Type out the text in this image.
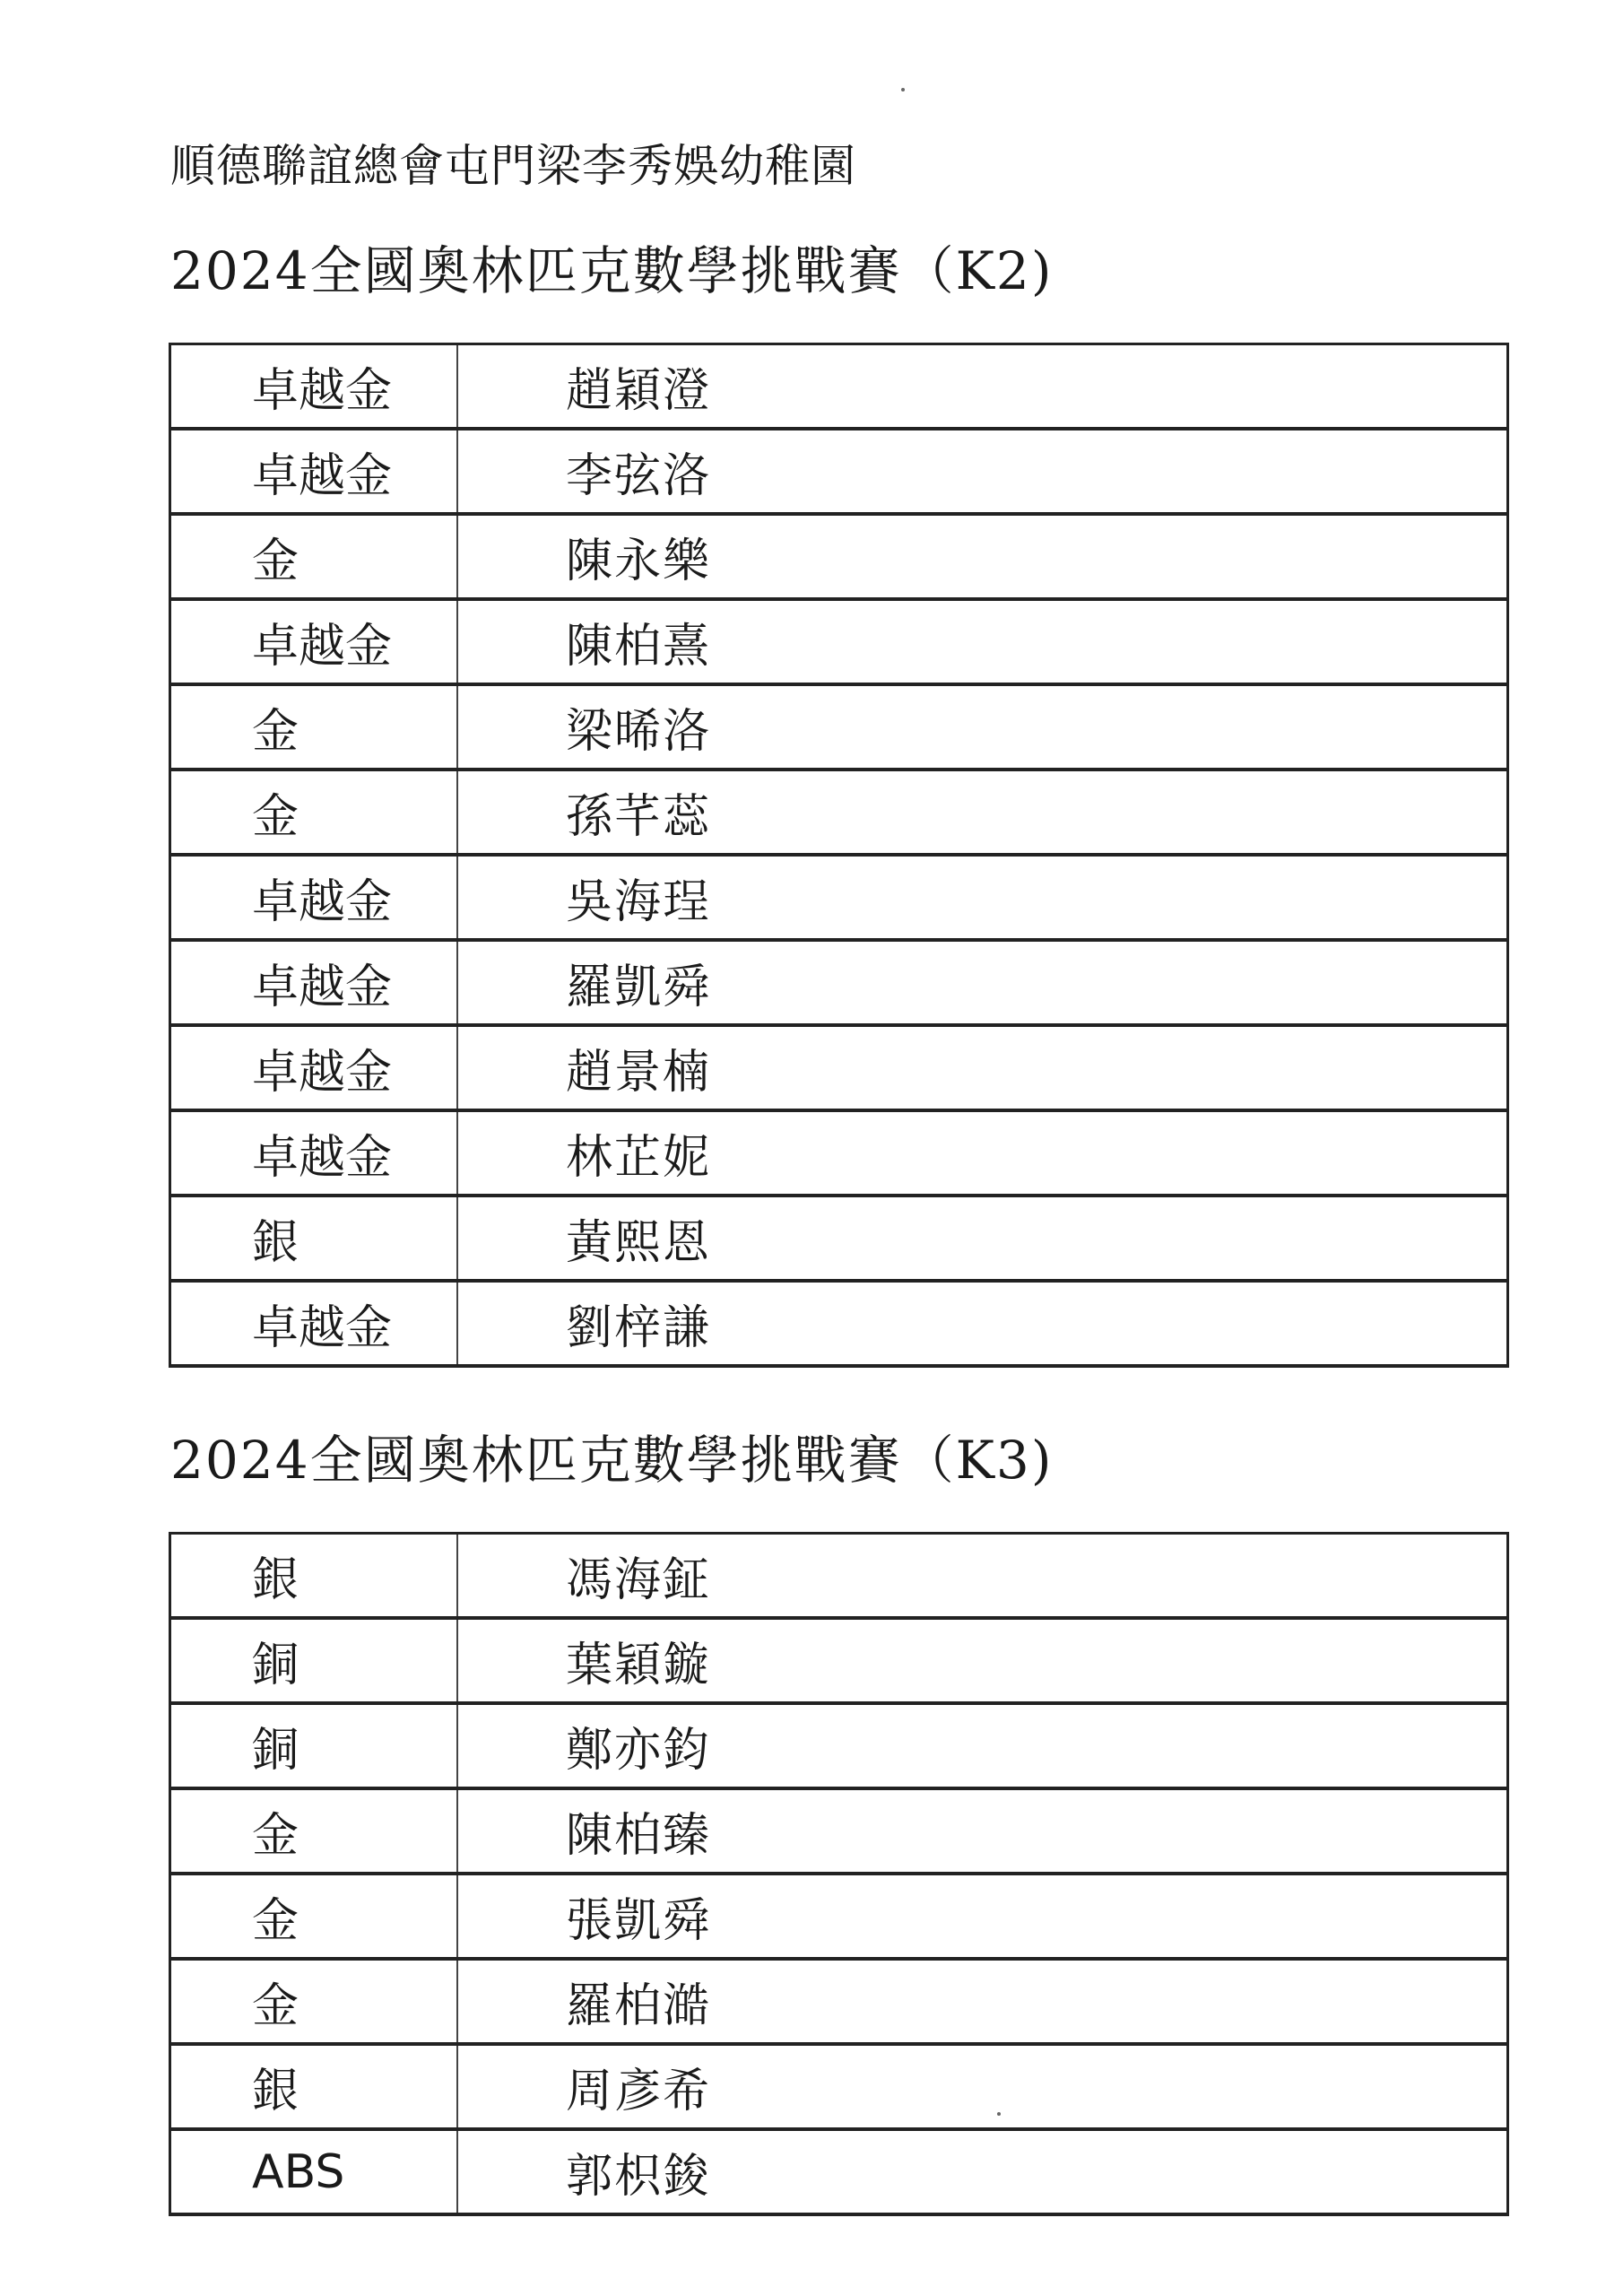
順德聯誼總會屯門梁李秀娛幼稚園
2024全國奧林匹克數學挑戰賽（K2)
卓越金	趙穎澄
卓越金	李弦洛
金	陳永樂
卓越金	陳柏熹
金	梁晞洛
金	孫芊蕊
卓越金	吳海珵
卓越金	羅凱舜
卓越金	趙景楠
卓越金	林芷妮
銀	黃熙恩
卓越金	劉梓謙
2024全國奧林匹克數學挑戰賽（K3)
銀	馮海鉦
銅	葉穎鏇
銅	鄭亦鈞
金	陳柏臻
金	張凱舜
金	羅柏澔
銀	周彥希
ABS	郭枳鋑
